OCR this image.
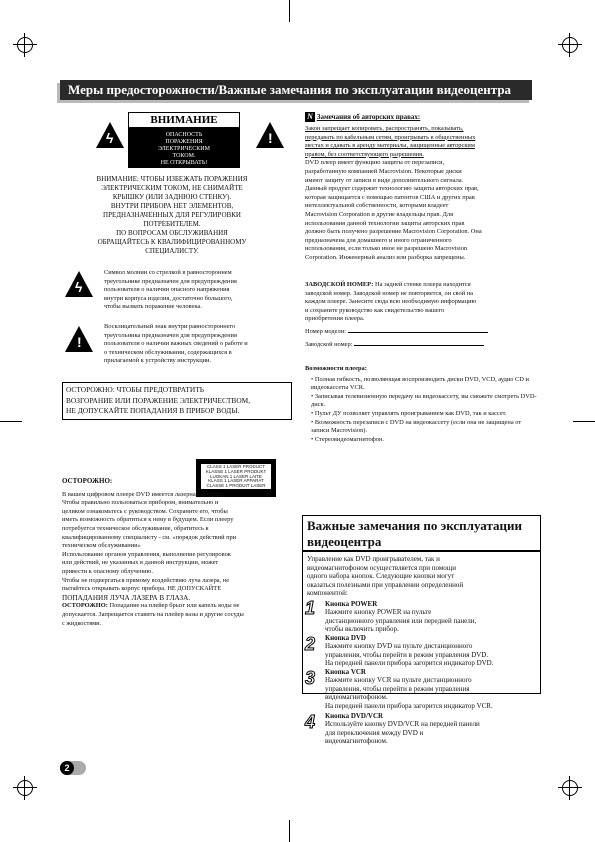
Меры предосторожности/Важные замечания по эксплуатации видеоцентра
ϟ
ВНИМАНИЕ
ОПАСНОСТЬ
ПОРАЖЕНИЯ
ЭЛЕКТРИЧЕСКИМ
ТОКОМ.
НЕ ОТКРЫВАТЬ!
!
ВНИМАНИЕ: ЧТОБЫ ИЗБЕЖАТЬ ПОРАЖЕНИЯ
ЭЛЕКТРИЧЕСКИМ ТОКОМ, НЕ СНИМАЙТЕ
КРЫШКУ (ИЛИ ЗАДНЮЮ СТЕНКУ).
ВНУТРИ ПРИБОРА НЕТ ЭЛЕМЕНТОВ,
ПРЕДНАЗНАЧЕННЫХ ДЛЯ РЕГУЛИРОВКИ
ПОТРЕБИТЕЛЕМ.
ПО ВОПРОСАМ ОБСЛУЖИВАНИЯ
ОБРАЩАЙТЕСЬ К КВАЛИФИЦИРОВАННОМУ
СПЕЦИАЛИСТУ.
ϟ
Символ молнии со стрелкой в равностороннем
треугольнике предназначен для предупреждения
пользователя о наличии опасного напряжения
внутри корпуса изделия, достаточно большого,
чтобы вызвать поражение человека.
!
Восклицательный знак внутри равностороннего
треугольника предназначен для предупреждения
пользователя о наличии важных сведений о работе и
о техническом обслуживании, содержащихся в
прилагаемой к устройству инструкции.
ОСТОРОЖНО: ЧТОБЫ ПРЕДОТВРАТИТЬ
ВОЗГОРАНИЕ ИЛИ ПОРАЖЕНИЕ ЭЛЕКТРИЧЕСТВОМ,
НЕ ДОПУСКАЙТЕ ПОПАДАНИЯ В ПРИБОР ВОДЫ.
CLASS 1 LASER PRODUCT
KLASSE 1 LASER PRODUKT
LUOKAN 1 LASER LAITE
KLASS 1 LASER APPARAT
CLASSE 1 PRODUIT LASER
ОСТОРОЖНО:
В вашем цифровом плеере DVD имеется лазерная система.
Чтобы правильно пользоваться прибором, внимательно и
целиком ознакомьтесь с руководством. Сохраните его, чтобы
иметь возможность обратиться к нему в будущем. Если плееру
потребуется техническое обслуживание, обратитесь к
квалифицированному специалисту - см. «порядок действий при
техническом обслуживании»
Использование органов управления, выполнение регулировок
или действий, не указанных в данной инструкции, может
привести к опасному облучению.
Чтобы не подвергаться прямому воздействию луча лазера, не
пытайтесь открывать корпус прибора. НЕ ДОПУСКАЙТЕ
ПОПАДАНИЯ ЛУЧА ЛАЗЕРА В ГЛАЗА.
ОСТОРОЖНО: Попадание на плейер брызг или капель воды не
допускается. Запрещается ставить на плейер вазы и другие сосуды
с жидкостями.
N Замечания об авторских правах:
Закон запрещает копировать, распространять, показывать,
передавать по кабельным сетям, проигрывать в общественных
местах и сдавать в аренду материалы, защищенные авторским
правом, без соответствующего разрешения.
DVD плеер имеет функцию защиты от перезаписи,
разработанную компанией Macrovision. Некоторые диски
имеют защиту от записи в виде дополнительного сигнала.
Данный продукт содержит технологию защиты авторских прав,
которая защищается с помощью патентов США и других прав
интеллектуальной собственности, которыми владеет
Macrovision Corporation и другие владельцы прав. Для
использования данной технологии защиты авторских прав
должно быть получено разрешение Macrovision Corporation. Она
предназначена для домашнего и иного ограниченного
использования, если только иное не разрешено Macrovision
Corporation. Инженерный анализ или разборка запрещены.
ЗАВОДСКОЙ НОМЕР: На задней стенке плеера находится
заводской номер. Заводской номер не повторяется, он свой на
каждом плеере. Занесите сюда всю необходимую информацию
и сохраните руководство как свидетельство вашего
приобретения плеера.
Номер модели:
Заводской номер:
Возможности плеера:
• Полная гибкость, позволяющая воспроизводить диски DVD, VCD, аудио CD и видеокассеты VCR.
• Записывая телевизионную передачу на видеокассету, вы сможете смотреть DVD-диск.
• Пульт ДУ позволяет управлять проигрыванием как DVD, так и кассет.
• Возможность перезаписи с DVD на видеокассету (если она не защищена от записи Macrovision).
• Стереовидеомагнитофон.
Важные замечания по эксплуатации
видеоцентра
Управление как DVD проигрывателем, так и
видеомагнитофоном осуществляется при помощи
одного набора кнопок. Следующие кнопки могут
оказаться полезными при управлении определенной
компонентой:
1 Кнопка POWER
Нажмите кнопку POWER на пульте
дистанционного управления или передней панели,
чтобы включить прибор.
2 Кнопка DVD
Нажмите кнопку DVD на пульте дистанционного
управления, чтобы перейти в режим управления DVD.
На передней панели прибора загорится индикатор DVD.
3 Кнопка VCR
Нажмите кнопку VCR на пульте дистанционного
управления, чтобы перейти в режим управления
видеомагнитофоном.
На передней панели прибора загорится индикатор VCR.
4 Кнопка DVD/VCR
Используйте кнопку DVD/VCR на передней панели
для переключения между DVD и
видеомагнитофоном.
2
